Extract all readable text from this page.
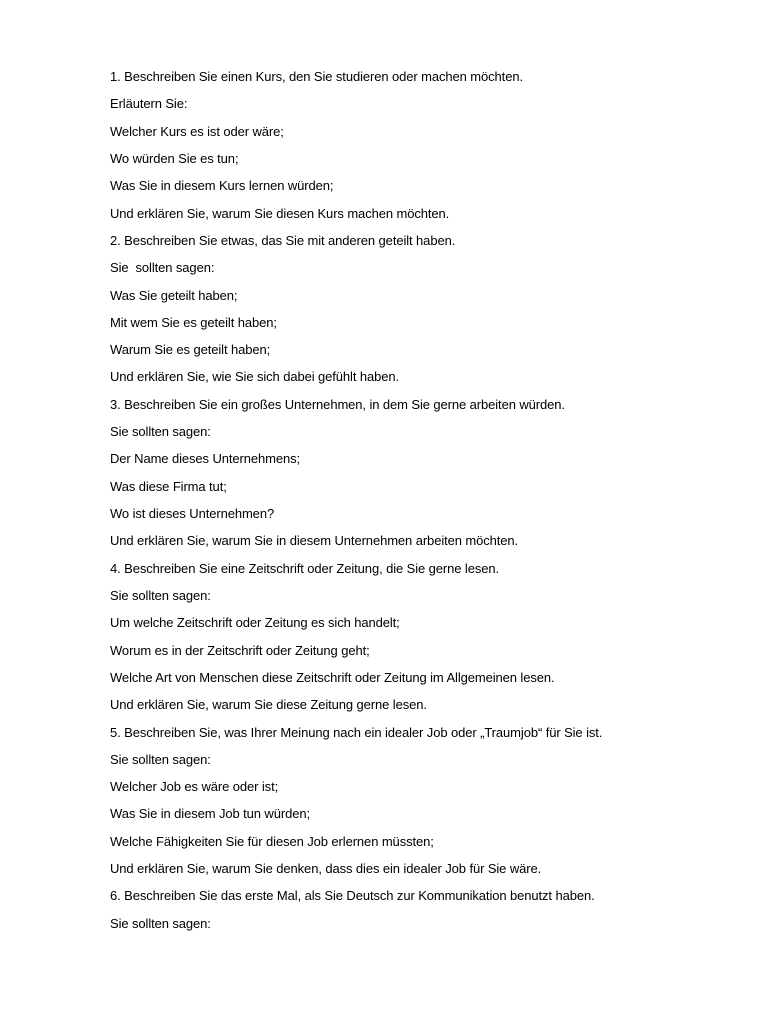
1. Beschreiben Sie einen Kurs, den Sie studieren oder machen möchten.
Erläutern Sie:
Welcher Kurs es ist oder wäre;
Wo würden Sie es tun;
Was Sie in diesem Kurs lernen würden;
Und erklären Sie, warum Sie diesen Kurs machen möchten.
2. Beschreiben Sie etwas, das Sie mit anderen geteilt haben.
Sie  sollten sagen:
Was Sie geteilt haben;
Mit wem Sie es geteilt haben;
Warum Sie es geteilt haben;
Und erklären Sie, wie Sie sich dabei gefühlt haben.
3. Beschreiben Sie ein großes Unternehmen, in dem Sie gerne arbeiten würden.
Sie sollten sagen:
Der Name dieses Unternehmens;
Was diese Firma tut;
Wo ist dieses Unternehmen?
Und erklären Sie, warum Sie in diesem Unternehmen arbeiten möchten.
4. Beschreiben Sie eine Zeitschrift oder Zeitung, die Sie gerne lesen.
Sie sollten sagen:
Um welche Zeitschrift oder Zeitung es sich handelt;
Worum es in der Zeitschrift oder Zeitung geht;
Welche Art von Menschen diese Zeitschrift oder Zeitung im Allgemeinen lesen.
Und erklären Sie, warum Sie diese Zeitung gerne lesen.
5. Beschreiben Sie, was Ihrer Meinung nach ein idealer Job oder „Traumjob“ für Sie ist.
Sie sollten sagen:
Welcher Job es wäre oder ist;
Was Sie in diesem Job tun würden;
Welche Fähigkeiten Sie für diesen Job erlernen müssten;
Und erklären Sie, warum Sie denken, dass dies ein idealer Job für Sie wäre.
6. Beschreiben Sie das erste Mal, als Sie Deutsch zur Kommunikation benutzt haben.
Sie sollten sagen:
